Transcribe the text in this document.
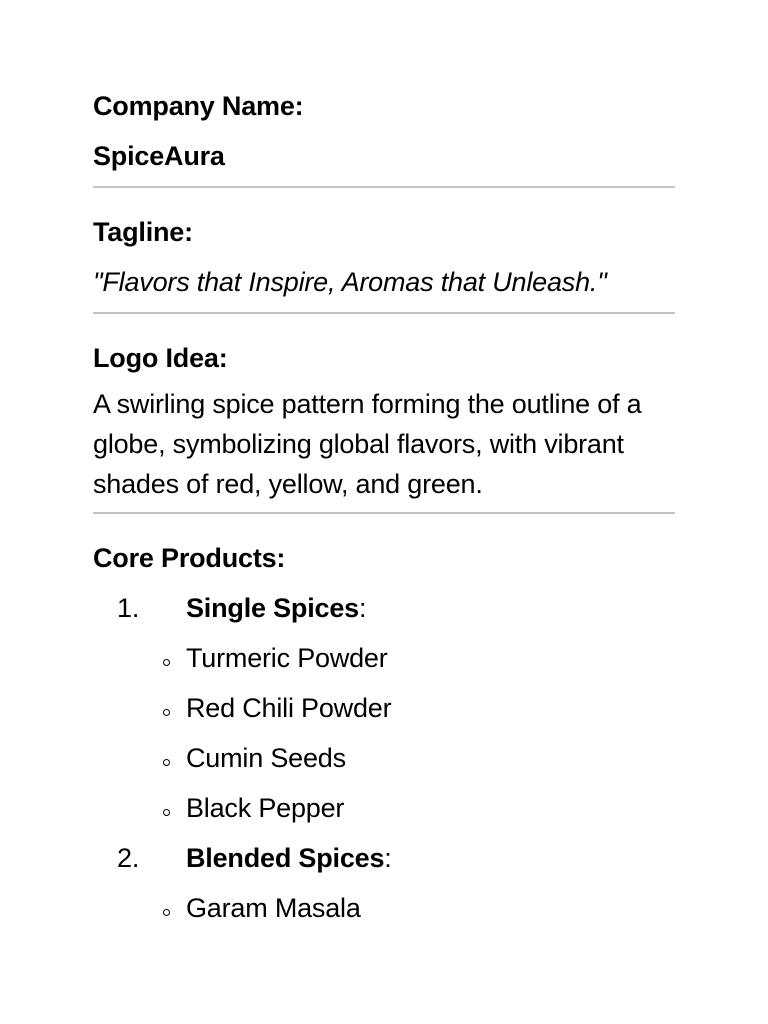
Company Name:
SpiceAura
Tagline:
"Flavors that Inspire, Aromas that Unleash."
Logo Idea:
A swirling spice pattern forming the outline of a globe, symbolizing global flavors, with vibrant shades of red, yellow, and green.
Core Products:
1. Single Spices:
Turmeric Powder
Red Chili Powder
Cumin Seeds
Black Pepper
2. Blended Spices:
Garam Masala
